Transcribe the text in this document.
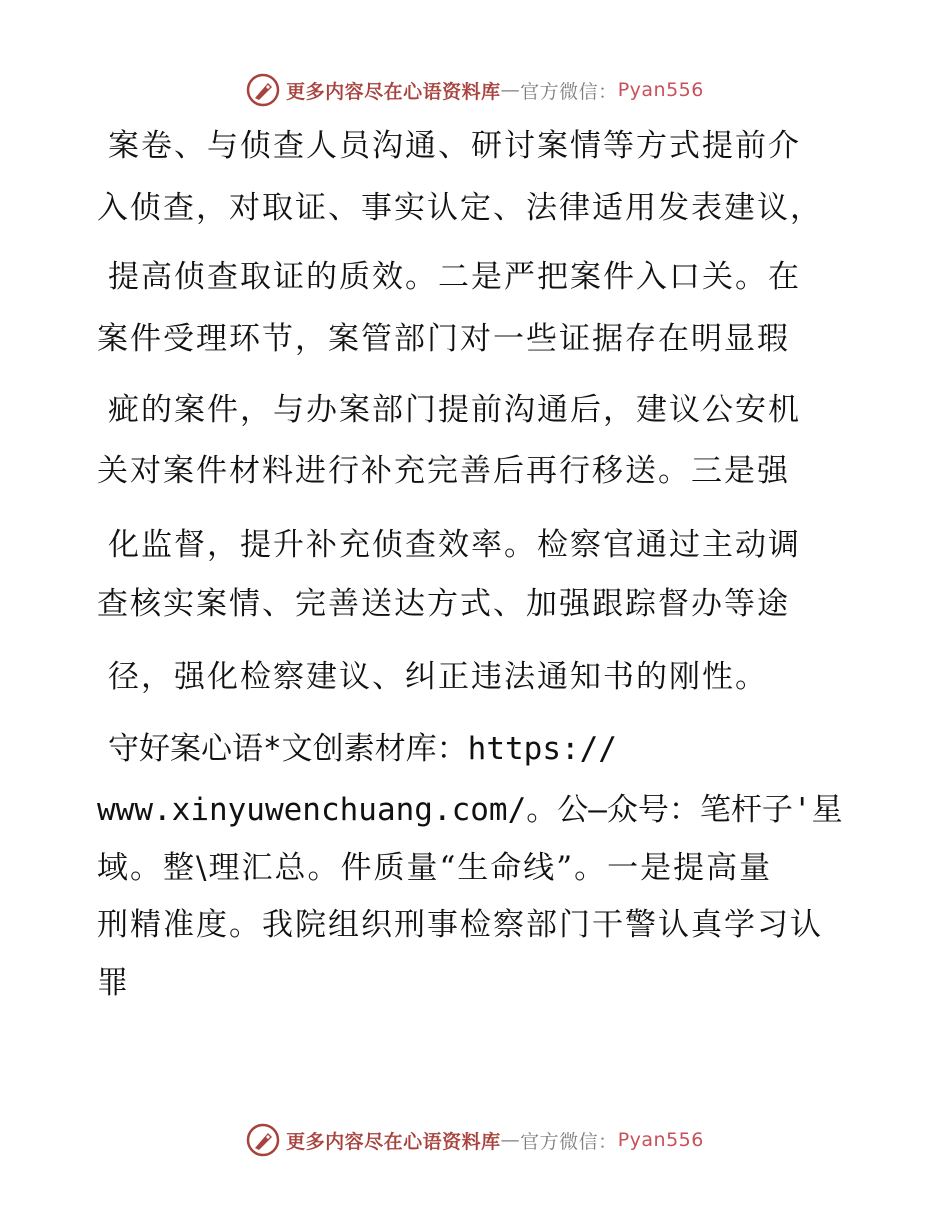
更多内容尽在心语资料库 — 官方微信： Pyan556
案卷、与侦查人员沟通、研讨案情等方式提前介
入侦查，对取证、事实认定、法律适用发表建议，
提高侦查取证的质效。二是严把案件入口关。在
案件受理环节，案管部门对一些证据存在明显瑕
疵的案件，与办案部门提前沟通后，建议公安机
关对案件材料进行补充完善后再行移送。三是强
化监督，提升补充侦查效率。检察官通过主动调
查核实案情、完善送达方式、加强跟踪督办等途
径，强化检察建议、纠正违法通知书的刚性。
守好案心语*文创素材库：https://
www.xinyuwenchuang.com/。公—众号：笔杆子'星
域。整\理汇总。件质量“生命线”。一是提高量
刑精准度。我院组织刑事检察部门干警认真学习认
罪
更多内容尽在心语资料库 — 官方微信： Pyan556
